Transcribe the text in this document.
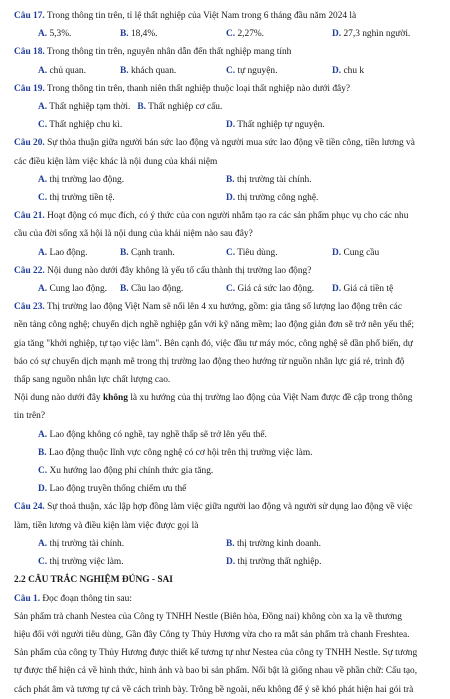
Câu 17. Trong thông tin trên, tỉ lệ thất nghiệp của Việt Nam trong 6 tháng đầu năm 2024 là
A. 5,3%.	B. 18,4%.	C. 2,27%.	D. 27,3 nghìn người.
Câu 18. Trong thông tin trên, nguyên nhân dẫn đến thất nghiệp mang tính
A. chủ quan.	B. khách quan.	C. tự nguyện.	D. chu k
Câu 19. Trong thông tin trên, thanh niên thất nghiệp thuộc loại thất nghiệp nào dưới đây?
A. Thất nghiệp tạm thời. B. Thất nghiệp cơ cấu.
C. Thất nghiệp chu kì.	D. Thất nghiệp tự nguyện.
Câu 20. Sự thỏa thuận giữa người bán sức lao động và người mua sức lao động về tiền công, tiền lương và
các điều kiện làm việc khác là nội dung của khái niệm
A. thị trường lao động.	B. thị trường tài chính.
C. thị trường tiền tệ.	D. thị trường công nghệ.
Câu 21. Hoạt động có mục đích, có ý thức của con người nhằm tạo ra các sản phẩm phục vụ cho các nhu
cầu của đời sống xã hội là nội dung của khái niệm nào sau đây?
A. Lao động.	B. Cạnh tranh.	C. Tiêu dùng.	D. Cung cầu
Câu 22. Nội dung nào dưới đây không là yếu tố cấu thành thị trường lao động?
A. Cung lao động.	B. Cầu lao động.	C. Giá cả sức lao động.	D. Giá cả tiền tệ
Câu 23. Thị trường lao động Việt Nam sẽ nổi lên 4 xu hướng, gồm: gia tăng số lượng lao động trên các
nền tảng công nghệ; chuyển dịch nghề nghiệp gắn với kỹ năng mềm; lao động giản đơn sẽ trở nên yếu thế;
gia tăng "khởi nghiệp, tự tạo việc làm". Bên cạnh đó, việc đầu tư máy móc, công nghệ sẽ dần phổ biến, dự
báo có sự chuyển dịch mạnh mẽ trong thị trường lao động theo hướng từ nguồn nhân lực giá rẻ, trình độ
thấp sang nguồn nhân lực chất lượng cao.
Nội dung nào dưới đây không là xu hướng của thị trường lao động của Việt Nam được đề cập trong thông
tin trên?
A. Lao động không có nghề, tay nghề thấp sẽ trở lên yếu thế.
B. Lao động thuộc lĩnh vực công nghệ có cơ hội trên thị trường việc làm.
C. Xu hướng lao động phi chính thức gia tăng.
D. Lao động truyền thống chiếm ưu thế
Câu 24. Sự thoả thuận, xác lập hợp đồng làm việc giữa người lao động và người sử dụng lao động về việc
làm, tiền lương và điều kiện làm việc được gọi là
A. thị trường tài chính.	B. thị trường kinh doanh.
C. thị trường việc làm.	D. thị trường thất nghiệp.
2.2 CÂU TRẮC NGHIỆM ĐÚNG - SAI
Câu 1. Đọc đoạn thông tin sau:
Sản phẩm trà chanh Nestea của Công ty TNHH Nestle (Biên hòa, Đồng nai) không còn xa lạ về thương
hiệu đối với người tiêu dùng, Gần đây Công ty Thủy Hương vừa cho ra mắt sản phẩm trà chanh Freshtea.
Sản phẩm của công ty Thủy Hương được thiết kế tương tự như Nestea của công ty TNHH Nestle. Sự tương
tự được thể hiện cả về hình thức, hình ảnh và bao bì sản phẩm. Nổi bật là giống nhau về phần chữ: Cấu tạo,
cách phát âm và tương tự cả về cách trình bày. Trông bề ngoài, nếu không để ý sẽ khó phát hiện hai gói trà
